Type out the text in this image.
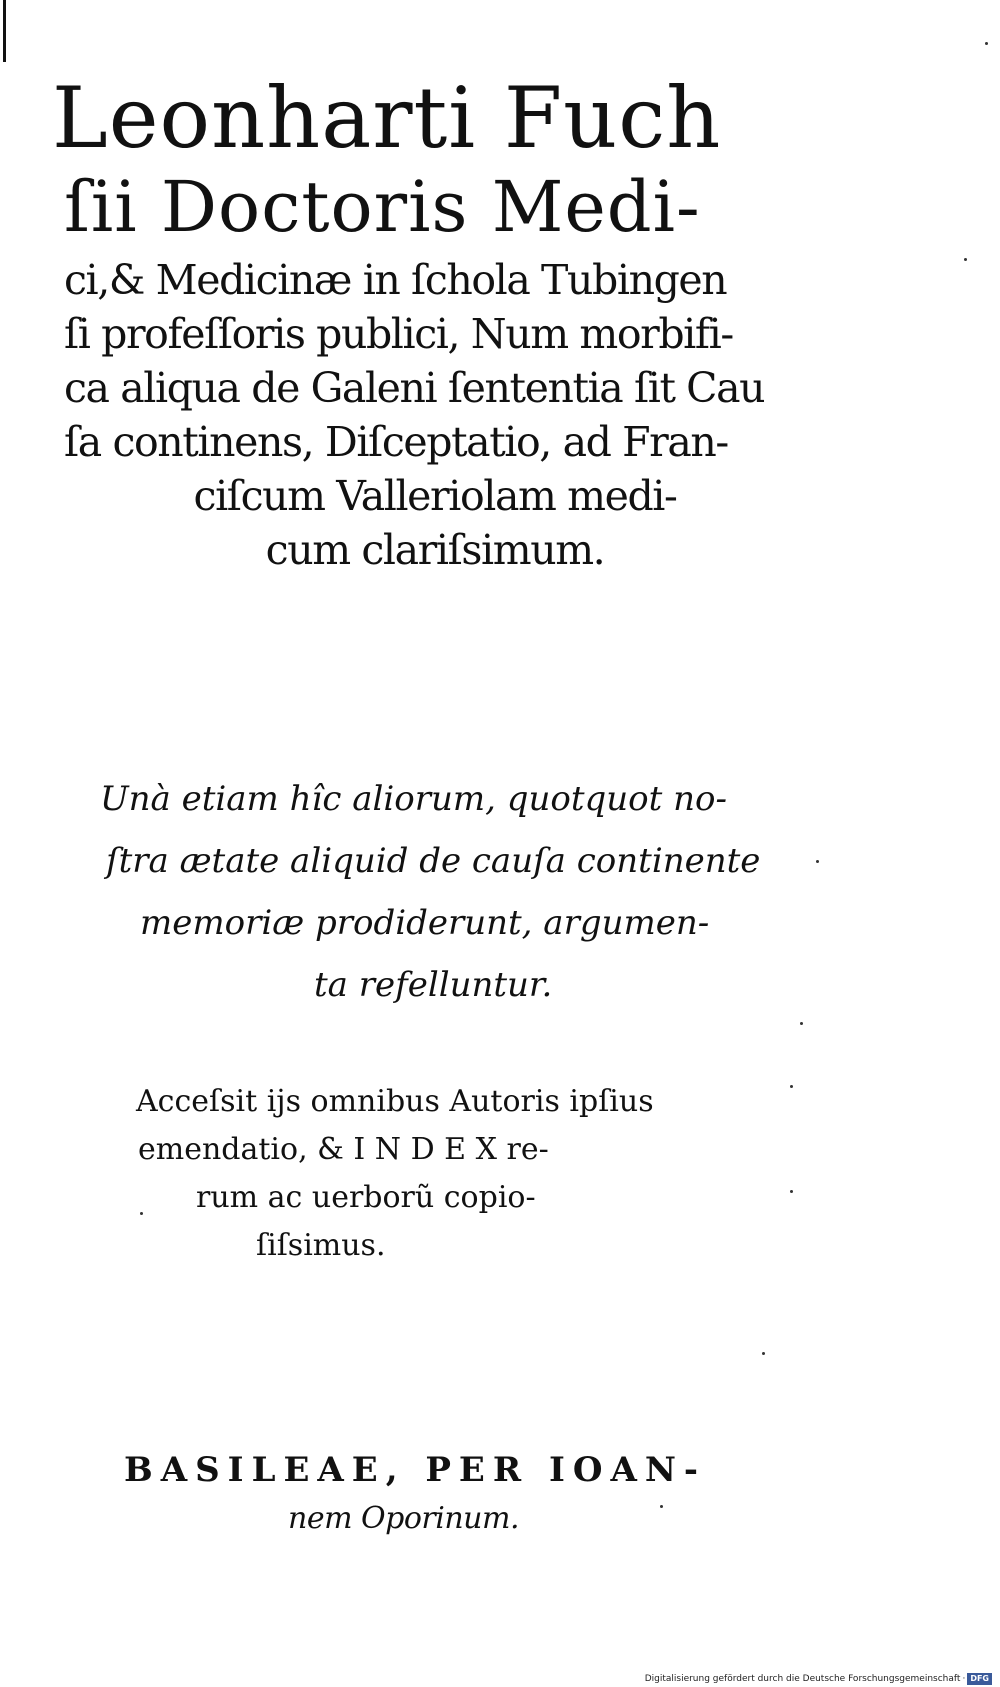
Leonharti Fuch
ſii Doctoris Medi-
ci,& Medicinæ in ſchola Tubingen
ſi profeſſoris publici, Num morbifi-
ca aliqua de Galeni ſententia ſit Cau
ſa continens, Diſceptatio, ad Fran-
ciſcum Valleriolam medi-
cum clariſsimum.
Unà etiam hîc aliorum, quotquot no-
ſtra ætate aliquid de cauſa continente
memoriæ prodiderunt, argumen-
ta refelluntur.
Acceſsit ijs omnibus Autoris ipſius
emendatio, & I N D E X re-
rum ac uerborũ copio-
ſiſsimus.
BASILEAE, PER IOAN-
nem Oporinum.
Digitalisierung gefördert durch die Deutsche Forschungsgemeinschaft · DFG
